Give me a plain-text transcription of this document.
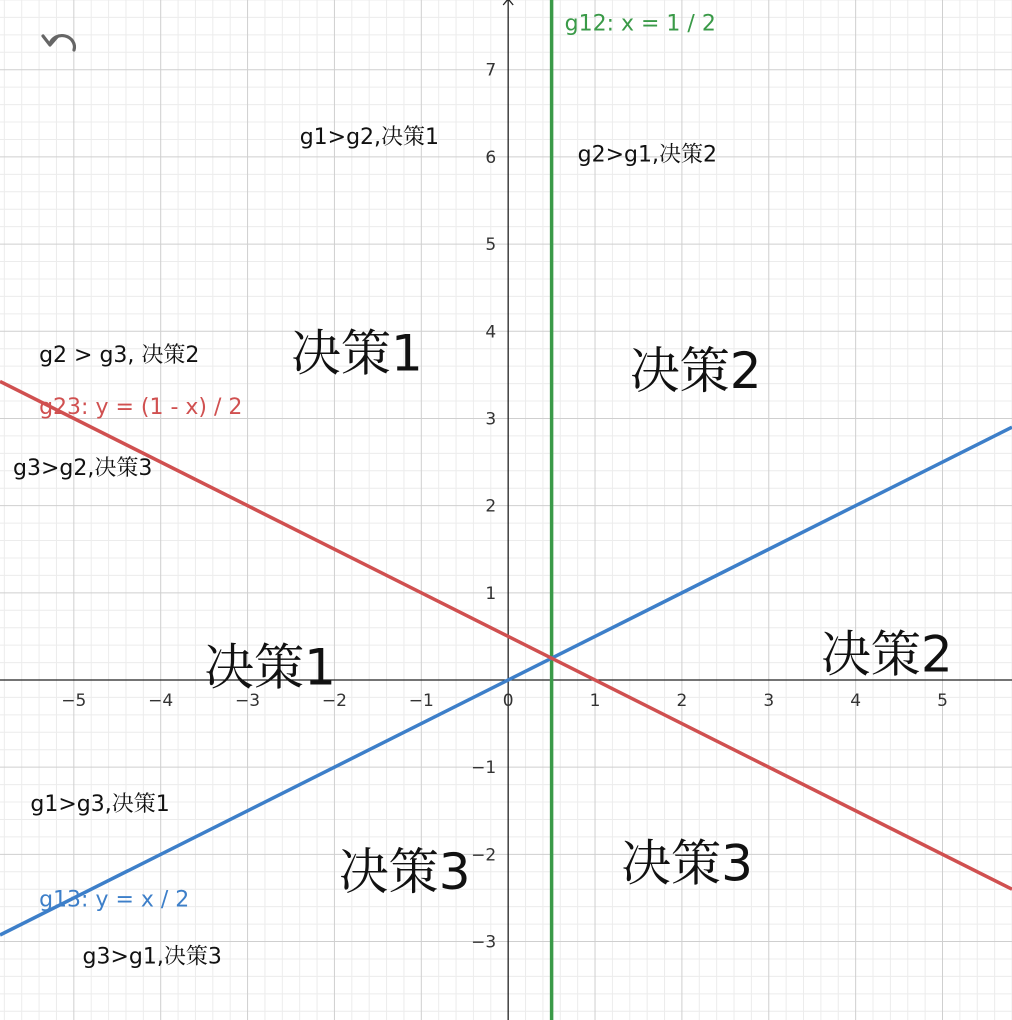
−5	−4	−3	−2	−1	0	1	2	3	4	5
−3
−2
−1
1
2
3
4
5
6
7
g12: x = 1 / 2
g13: y = x / 2
g23: y = (1 - x) / 2
g1>g2,决策1
g2>g1,决策2
决策1	决策2
g2 > g3, 决策2
g3>g2,决策3
决策1	决策2
g1>g3,决策1
决策3	决策3
g3>g1,决策3
